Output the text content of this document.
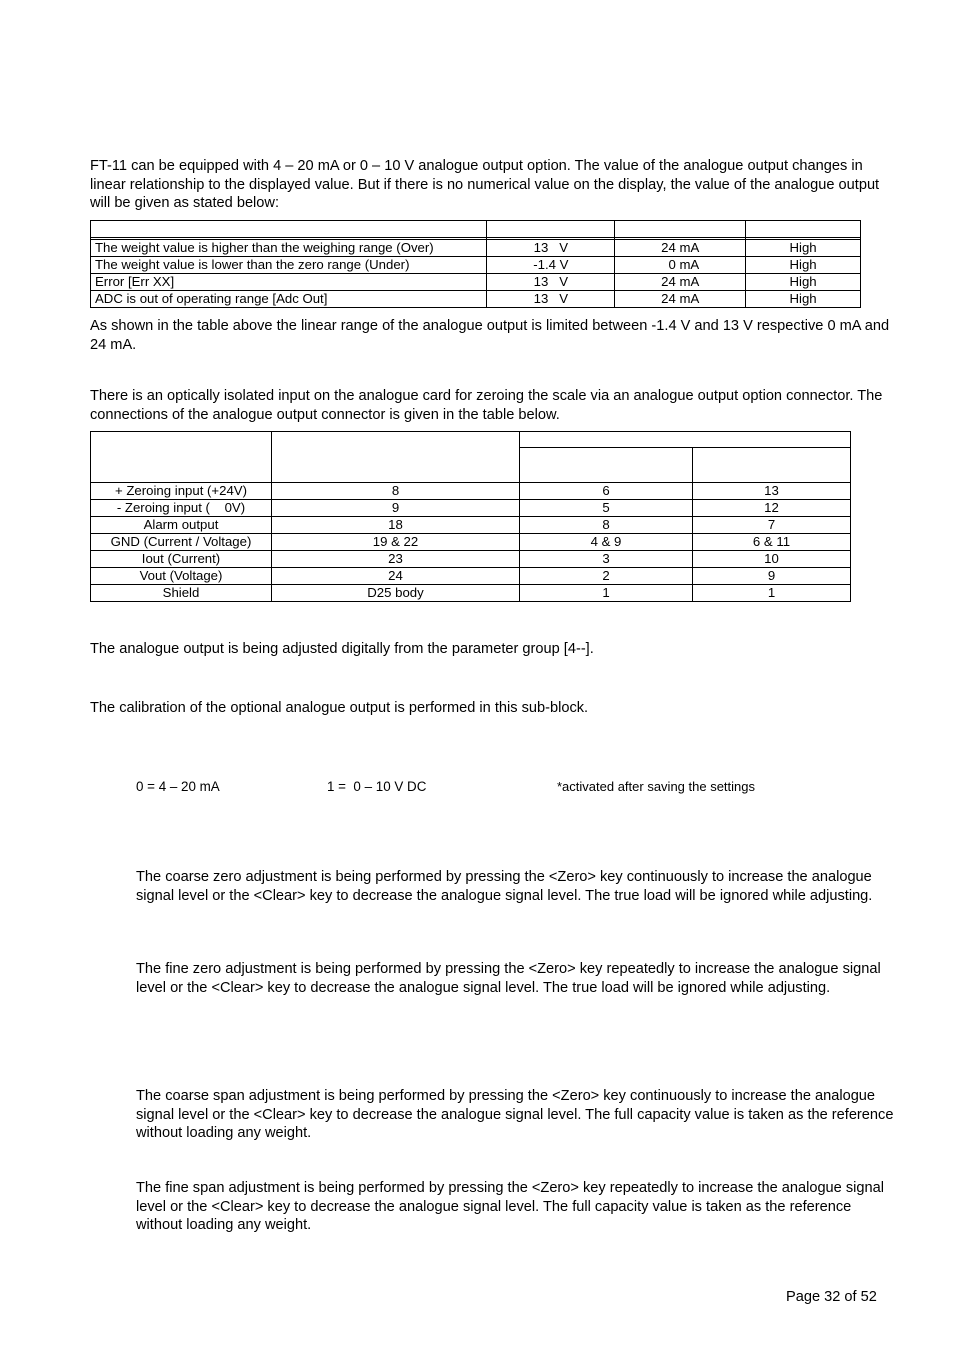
FT-11 can be equipped with 4 – 20 mA or 0 – 10 V analogue output option. The value of the analogue output changes in linear relationship to the displayed value. But if there is no numerical value on the display, the value of the analogue output will be given as stated below:

The weight value is higher than the weighing range (Over)	13   V	24 mA	High
The weight value is lower than the zero range (Under)	-1.4 V	0 mA	High
Error [Err XX]	13   V	24 mA	High
ADC is out of operating range [Adc Out]	13   V	24 mA	High

As shown in the table above the linear range of the analogue output is limited between -1.4 V and 13 V respective 0 mA and 24 mA.

There is an optically isolated input on the analogue card for zeroing the scale via an analogue output option connector. The connections of the analogue output connector is given in the table below.

+ Zeroing input (+24V)	8	6	13
- Zeroing input (    0V)	9	5	12
Alarm output	18	8	7
GND (Current / Voltage)	19 & 22	4 & 9	6 & 11
Iout (Current)	23	3	10
Vout (Voltage)	24	2	9
Shield	D25 body	1	1

The analogue output is being adjusted digitally from the parameter group [4--].

The calibration of the optional analogue output is performed in this sub-block.

0 = 4 – 20 mA	1 =  0 – 10 V DC	*activated after saving the settings

The coarse zero adjustment is being performed by pressing the <Zero> key continuously to increase the analogue signal level or the <Clear> key to decrease the analogue signal level. The true load will be ignored while adjusting.

The fine zero adjustment is being performed by pressing the <Zero> key repeatedly to increase the analogue signal level or the <Clear> key to decrease the analogue signal level. The true load will be ignored while adjusting.

The coarse span adjustment is being performed by pressing the <Zero> key continuously to increase the analogue signal level or the <Clear> key to decrease the analogue signal level. The full capacity value is taken as the reference without loading any weight.

The fine span adjustment is being performed by pressing the <Zero> key repeatedly to increase the analogue signal level or the <Clear> key to decrease the analogue signal level. The full capacity value is taken as the reference without loading any weight.

Page 32 of 52
